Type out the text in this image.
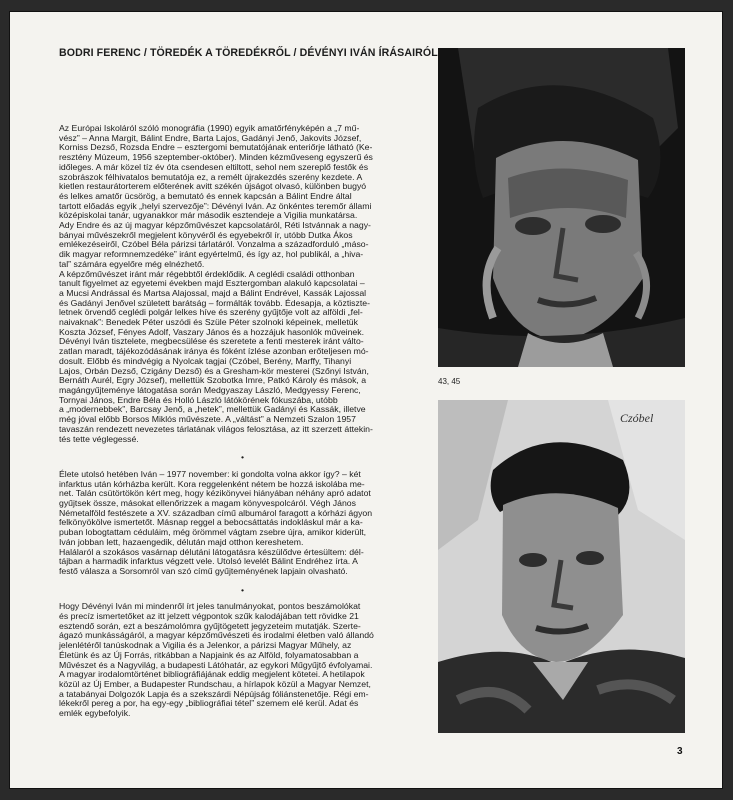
BODRI FERENC / TÖREDÉK A TÖREDÉKRŐL / DÉVÉNYI IVÁN ÍRÁSAIRÓL

Az Európai Iskoláról szóló monográfia (1990) egyik amatőrfényképén a „7 mű-
vész” – Anna Margit, Bálint Endre, Barta Lajos, Gadányi Jenő, Jakovits József,
Korniss Dezső, Rozsda Endre – esztergomi bemutatójának enteriőrje látható (Ke-
resztény Múzeum, 1956 szeptember-október). Minden kézműveseng egyszerű és
időleges. A már közel tíz év óta csendesen eltiltott, sehol nem szereplő festők és
szobrászok félhivatalos bemutatója ez, a remélt újrakezdés szerény kezdete. A
kietlen restaurátorterem előterének avitt székén újságot olvasó, különben bugyó
és lelkes amatőr ücsörög, a bemutató és ennek kapcsán a Bálint Endre által
tartott előadás egyik „helyi szervezője”: Dévényi Iván. Az önkéntes teremőr állami
középiskolai tanár, ugyanakkor már második esztendeje a Vigilia munkatársa.
Ady Endre és az új magyar képzőművészet kapcsolatáról, Réti Istvánnak a nagy-
bányai művészekről megjelent könyvéről és egyebekről ír, utóbb Dutka Ákos
emlékezéseiről, Czóbel Béla párizsi tárlatáról. Vonzalma a századforduló „máso-
dik magyar reformnemzedéke” iránt egyértelmű, és így az, hol publikál, a „hiva-
tal” számára egyelőre még elnézhető.

A képzőművészet iránt már régebbtől érdeklődik. A ceglédi családi otthonban
tanult figyelmet az egyetemi években majd Esztergomban alakuló kapcsolatai –
a Mucsi Andrással és Martsa Alajossal, majd a Bálint Endrével, Kassák Lajossal
és Gadányi Jenővel született barátság – formálták tovább. Édesapja, a köztiszte-
letnek örvendő ceglédi polgár lelkes híve és szerény gyűjtője volt az alföldi „fel-
naivaknak”: Benedek Péter uszódi és Szüle Péter szolnoki képeinek, melletük
Koszta József, Fényes Adolf, Vaszary János és a hozzájuk hasonlók műveinek.
Dévényi Iván tisztelete, megbecsülése és szeretete a fenti mesterek iránt válto-
zatlan maradt, tájékozódásának iránya és fóként ízlése azonban erőteljesen mó-
dosult. Előbb és mindvégig a Nyolcak tagjai (Czóbel, Berény, Marffy, Tihanyi
Lajos, Orbán Dezső, Czigány Dezső) és a Gresham-kör mesterei (Szőnyi István,
Bernáth Aurél, Egry József), mellettük Szobotka Imre, Patkó Károly és mások, a
magángyűjteménye látogatása során Medgyaszay László, Medgyessy Ferenc,
Tornyai János, Endre Béla és Holló László látókörének fókuszába, utóbb
a „modernebbek”, Barcsay Jenő, a „hetek”, mellettük Gadányi és Kassák, illetve
még jóval előbb Borsos Miklós művészete. A „váltást” a Nemzeti Szalon 1957
tavaszán rendezett nevezetes tárlatának világos felosztása, az itt szerzett áttekin-
tés tette véglegessé.

•

Élete utolsó hetében Iván – 1977 november: ki gondolta volna akkor így? – két
infarktus után kórházba került. Kora reggelenként nétem be hozzá iskolába me-
net. Talán csütörtökön kért meg, hogy kézikönyvei hiányában néhány apró adatot
gyűjtsek össze, másokat ellenőrizzek a magam könyvespolcáról. Végh János
Németalföld festészete a XV. században című albumárol faragott a kórházi ágyon
felkönyökölve ismertetőt. Másnap reggel a bebocsáttatás indokláskul már a ka-
puban lobogtattam céduláim, még örömmel vágtam zsebre újra, amikor kiderült,
Iván jobban lett, hazaengedik, délután majd otthon kereshetem.
Halálaról a szokásos vasárnap délutáni látogatásra készülődve értesültem: dél-
tájban a harmadik infarktus végzett vele. Utolsó levelét Bálint Endréhez írta. A
festő válasza a Sorsomról van szó című gyűjteményének lapjain olvasható.

•

Hogy Dévényi Iván mi mindenről írt jeles tanulmányokat, pontos beszámolókat
és precíz ismertetőket az itt jelzett végpontok szűk kalodájában tett rövidke 21
esztendő során, ezt a beszámolómra gyűjtögetett jegyzeteim mutatják. Szerte-
ágazó munkásságáról, a magyar képzőművészeti és irodalmi életben való állandó
jelenlétéről tanúskodnak a Vigilia és a Jelenkor, a párizsi Magyar Műhely, az
Életünk és az Új Forrás, ritkábban a Napjaink és az Alföld, folyamatosabban a
Művészet és a Nagyvilág, a budapesti Látóhatár, az egykori Műgyűjtő évfolyamai.
A magyar irodalomtörténet bibliográfiájának eddig megjelent kötetei. A hetilapok
közül az Új Ember, a Budapester Rundschau, a hírlapok közül a Magyar Nemzet,
a tatabányai Dolgozók Lapja és a szekszárdi Népújság fóliánstenetője. Régi em-
lékekről pereg a por, ha egy-egy „bibliográfiai tétel” szemem elé kerül. Adat és
emlék egybefolyik.

43, 45
Czóbel
3
